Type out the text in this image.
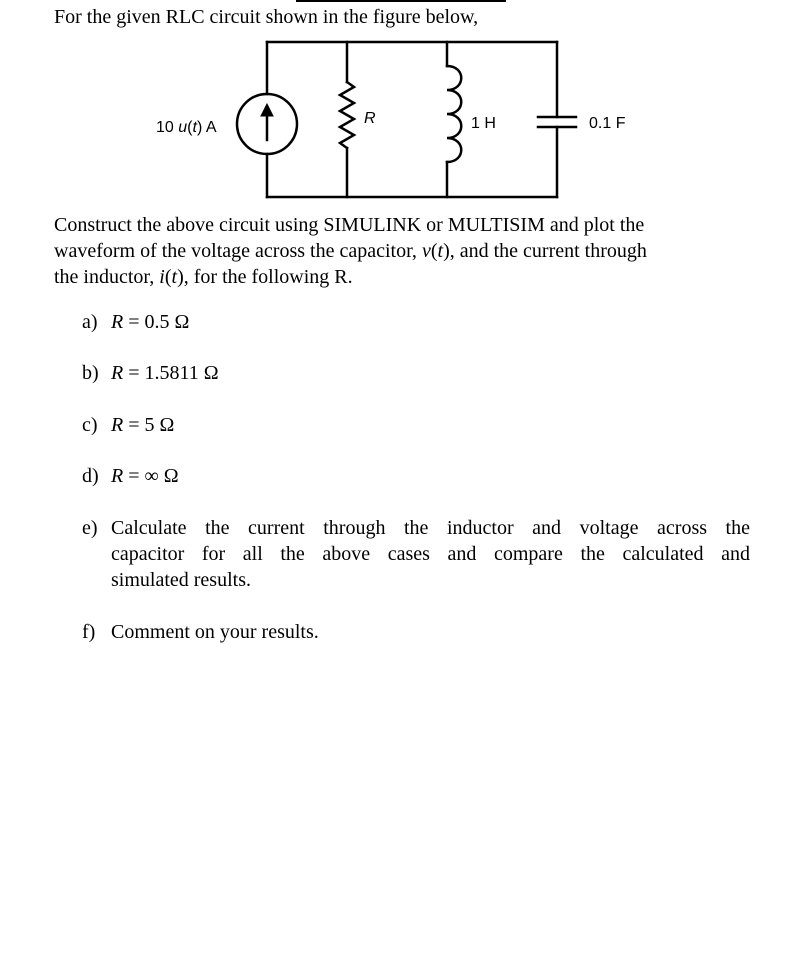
For the given RLC circuit shown in the figure below,
10 u(t) A
R	1 H	0.1 F
Construct the above circuit using SIMULINK or MULTISIM and plot the
waveform of the voltage across the capacitor, v(t), and the current through
the inductor, i(t), for the following R.
a) R = 0.5 Ω
b) R = 1.5811 Ω
c) R = 5 Ω
d) R = ∞ Ω
e) Calculate the current through the inductor and voltage across the
capacitor for all the above cases and compare the calculated and
simulated results.
f) Comment on your results.
